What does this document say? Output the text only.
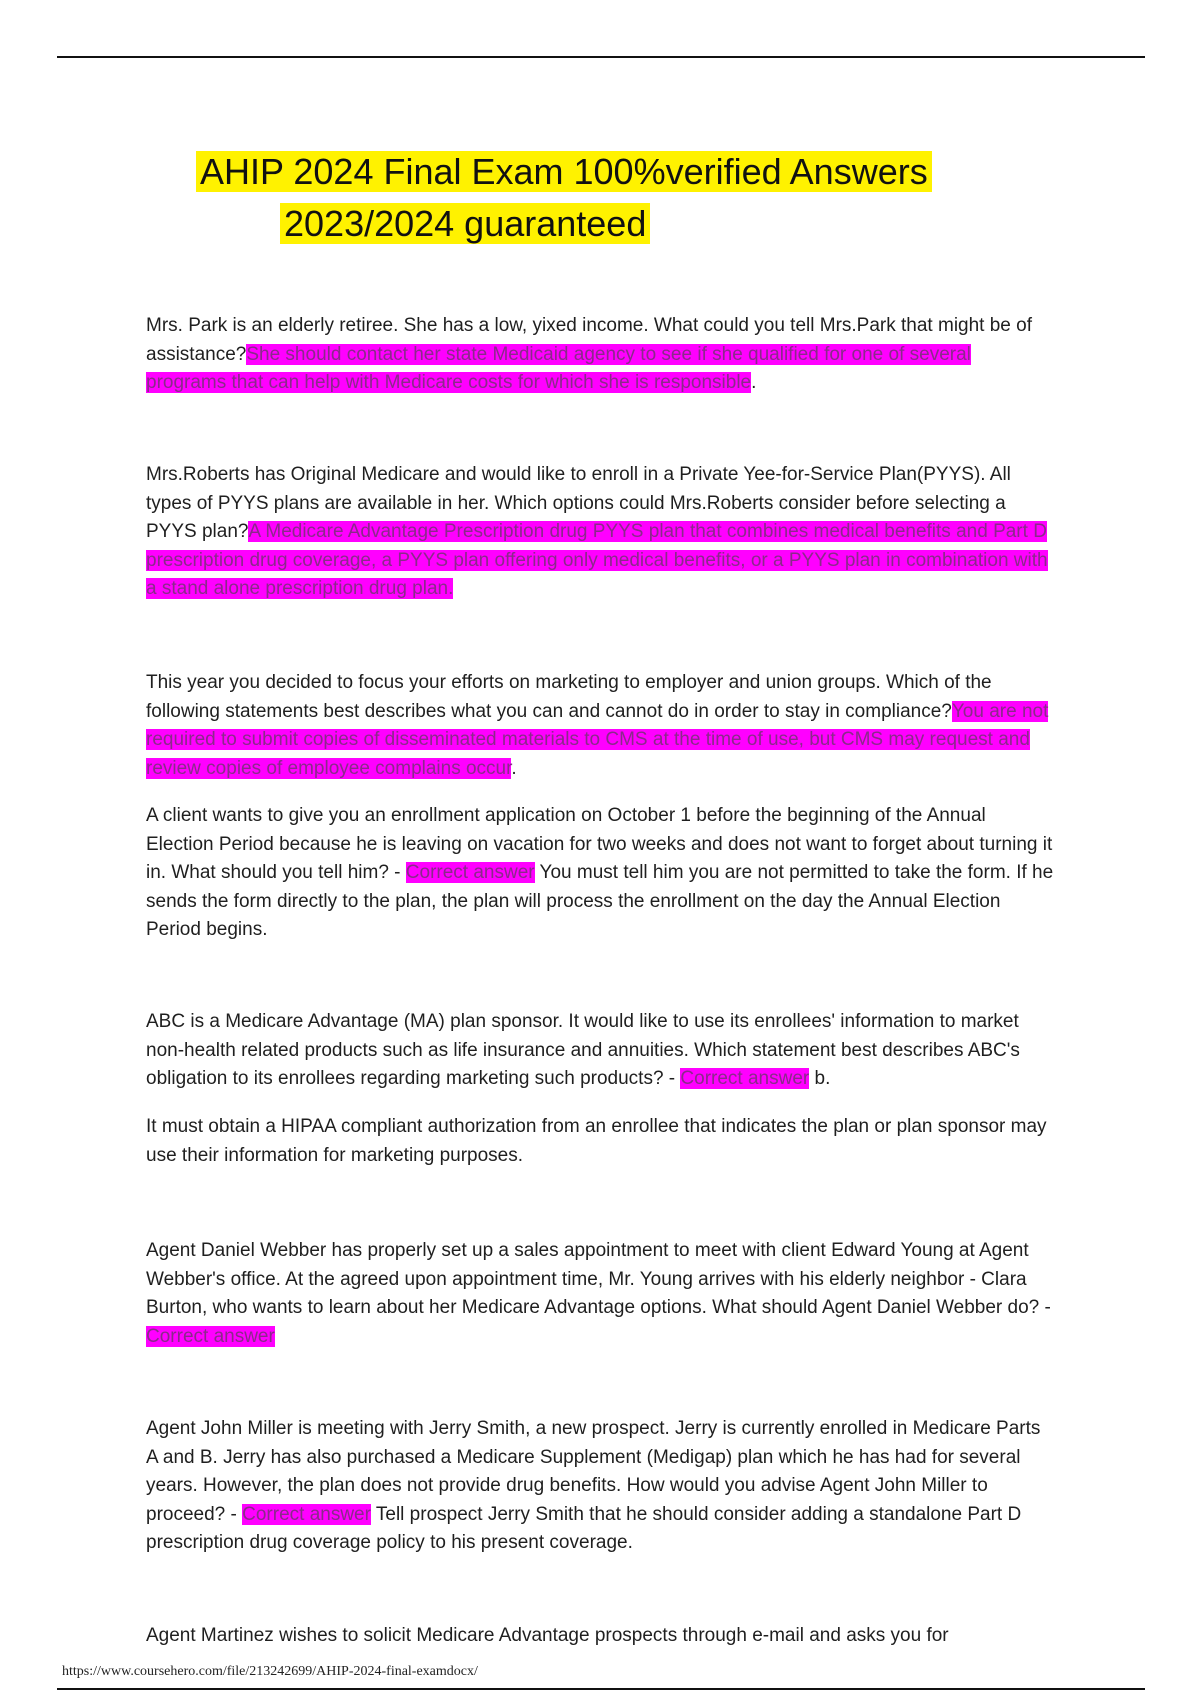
AHIP 2024 Final Exam 100%verified Answers
2023/2024 guaranteed

Mrs. Park is an elderly retiree. She has a low, yixed income. What could you tell Mrs.Park that might be of assistance?She should contact her state Medicaid agency to see if she qualified for one of several programs that can help with Medicare costs for which she is responsible.

Mrs.Roberts has Original Medicare and would like to enroll in a Private Yee-for-Service Plan(PYYS). All types of PYYS plans are available in her. Which options could Mrs.Roberts consider before selecting a PYYS plan?A Medicare Advantage Prescription drug PYYS plan that combines medical benefits and Part D prescription drug coverage, a PYYS plan offering only medical benefits, or a PYYS plan in combination with a stand alone prescription drug plan.

This year you decided to focus your efforts on marketing to employer and union groups. Which of the following statements best describes what you can and cannot do in order to stay in compliance?You are not required to submit copies of disseminated materials to CMS at the time of use, but CMS may request and review copies of employee complains occur.

A client wants to give you an enrollment application on October 1 before the beginning of the Annual Election Period because he is leaving on vacation for two weeks and does not want to forget about turning it in. What should you tell him? - Correct answer You must tell him you are not permitted to take the form. If he sends the form directly to the plan, the plan will process the enrollment on the day the Annual Election Period begins.

ABC is a Medicare Advantage (MA) plan sponsor. It would like to use its enrollees' information to market non-health related products such as life insurance and annuities. Which statement best describes ABC's obligation to its enrollees regarding marketing such products? - Correct answer b.

It must obtain a HIPAA compliant authorization from an enrollee that indicates the plan or plan sponsor may use their information for marketing purposes.

Agent Daniel Webber has properly set up a sales appointment to meet with client Edward Young at Agent Webber's office. At the agreed upon appointment time, Mr. Young arrives with his elderly neighbor - Clara Burton, who wants to learn about her Medicare Advantage options. What should Agent Daniel Webber do? - Correct answer

Agent John Miller is meeting with Jerry Smith, a new prospect. Jerry is currently enrolled in Medicare Parts A and B. Jerry has also purchased a Medicare Supplement (Medigap) plan which he has had for several years. However, the plan does not provide drug benefits. How would you advise Agent John Miller to proceed? - Correct answer Tell prospect Jerry Smith that he should consider adding a standalone Part D prescription drug coverage policy to his present coverage.

Agent Martinez wishes to solicit Medicare Advantage prospects through e-mail and asks you for

https://www.coursehero.com/file/213242699/AHIP-2024-final-examdocx/
